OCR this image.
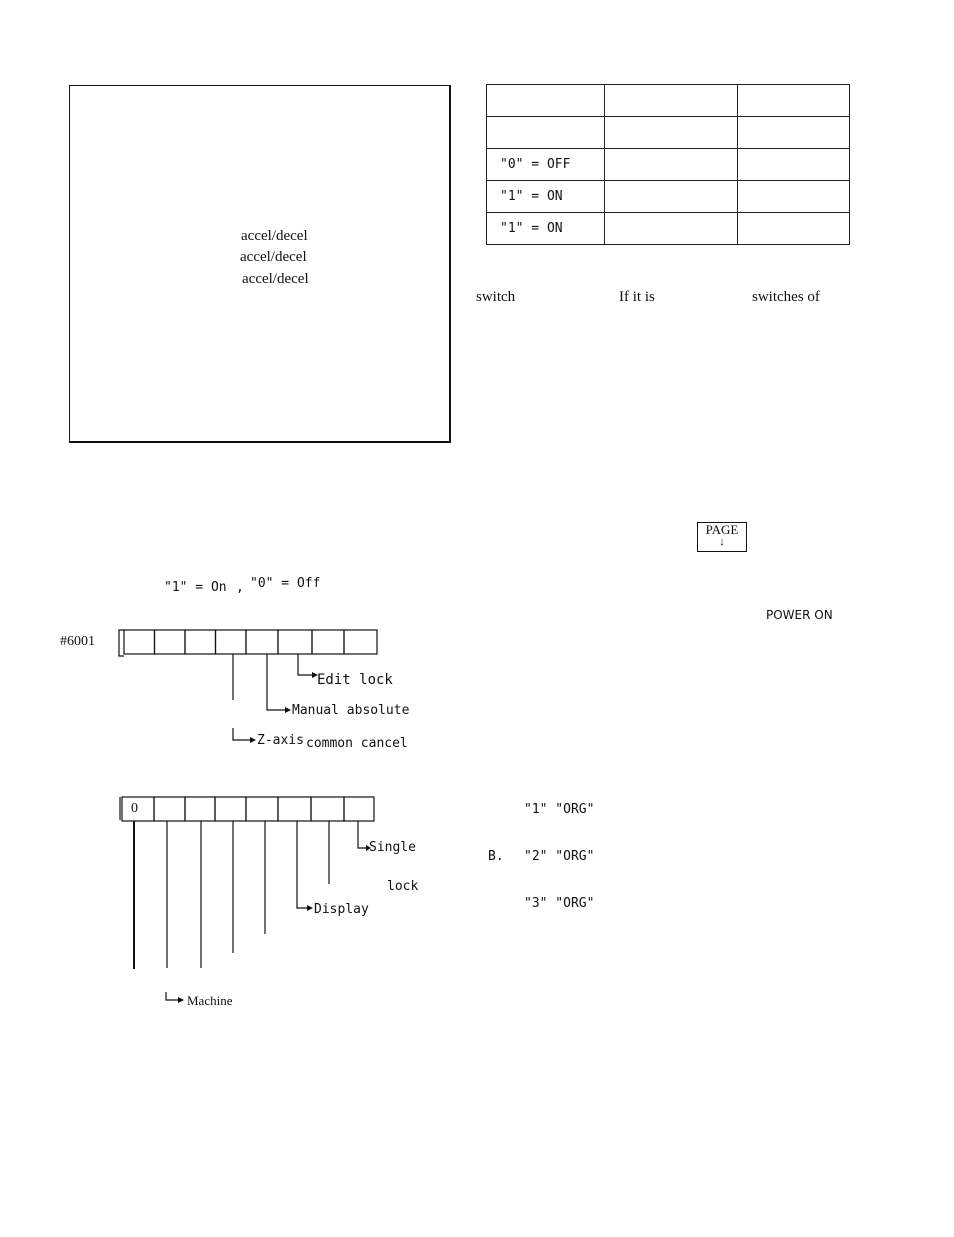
accel/decel
accel/decel
accel/decel

"0" = OFF		
"1" = ON		
"1" = ON		
switch	If it is	switches of
PAGE
↓
POWER ON
"1" = On , "0" = Off
#6001
Edit lock
Manual absolute
Z-axis common cancel
0
Single
lock
Display
Machine
B.
"1" "ORG"
"2" "ORG"
"3" "ORG"
